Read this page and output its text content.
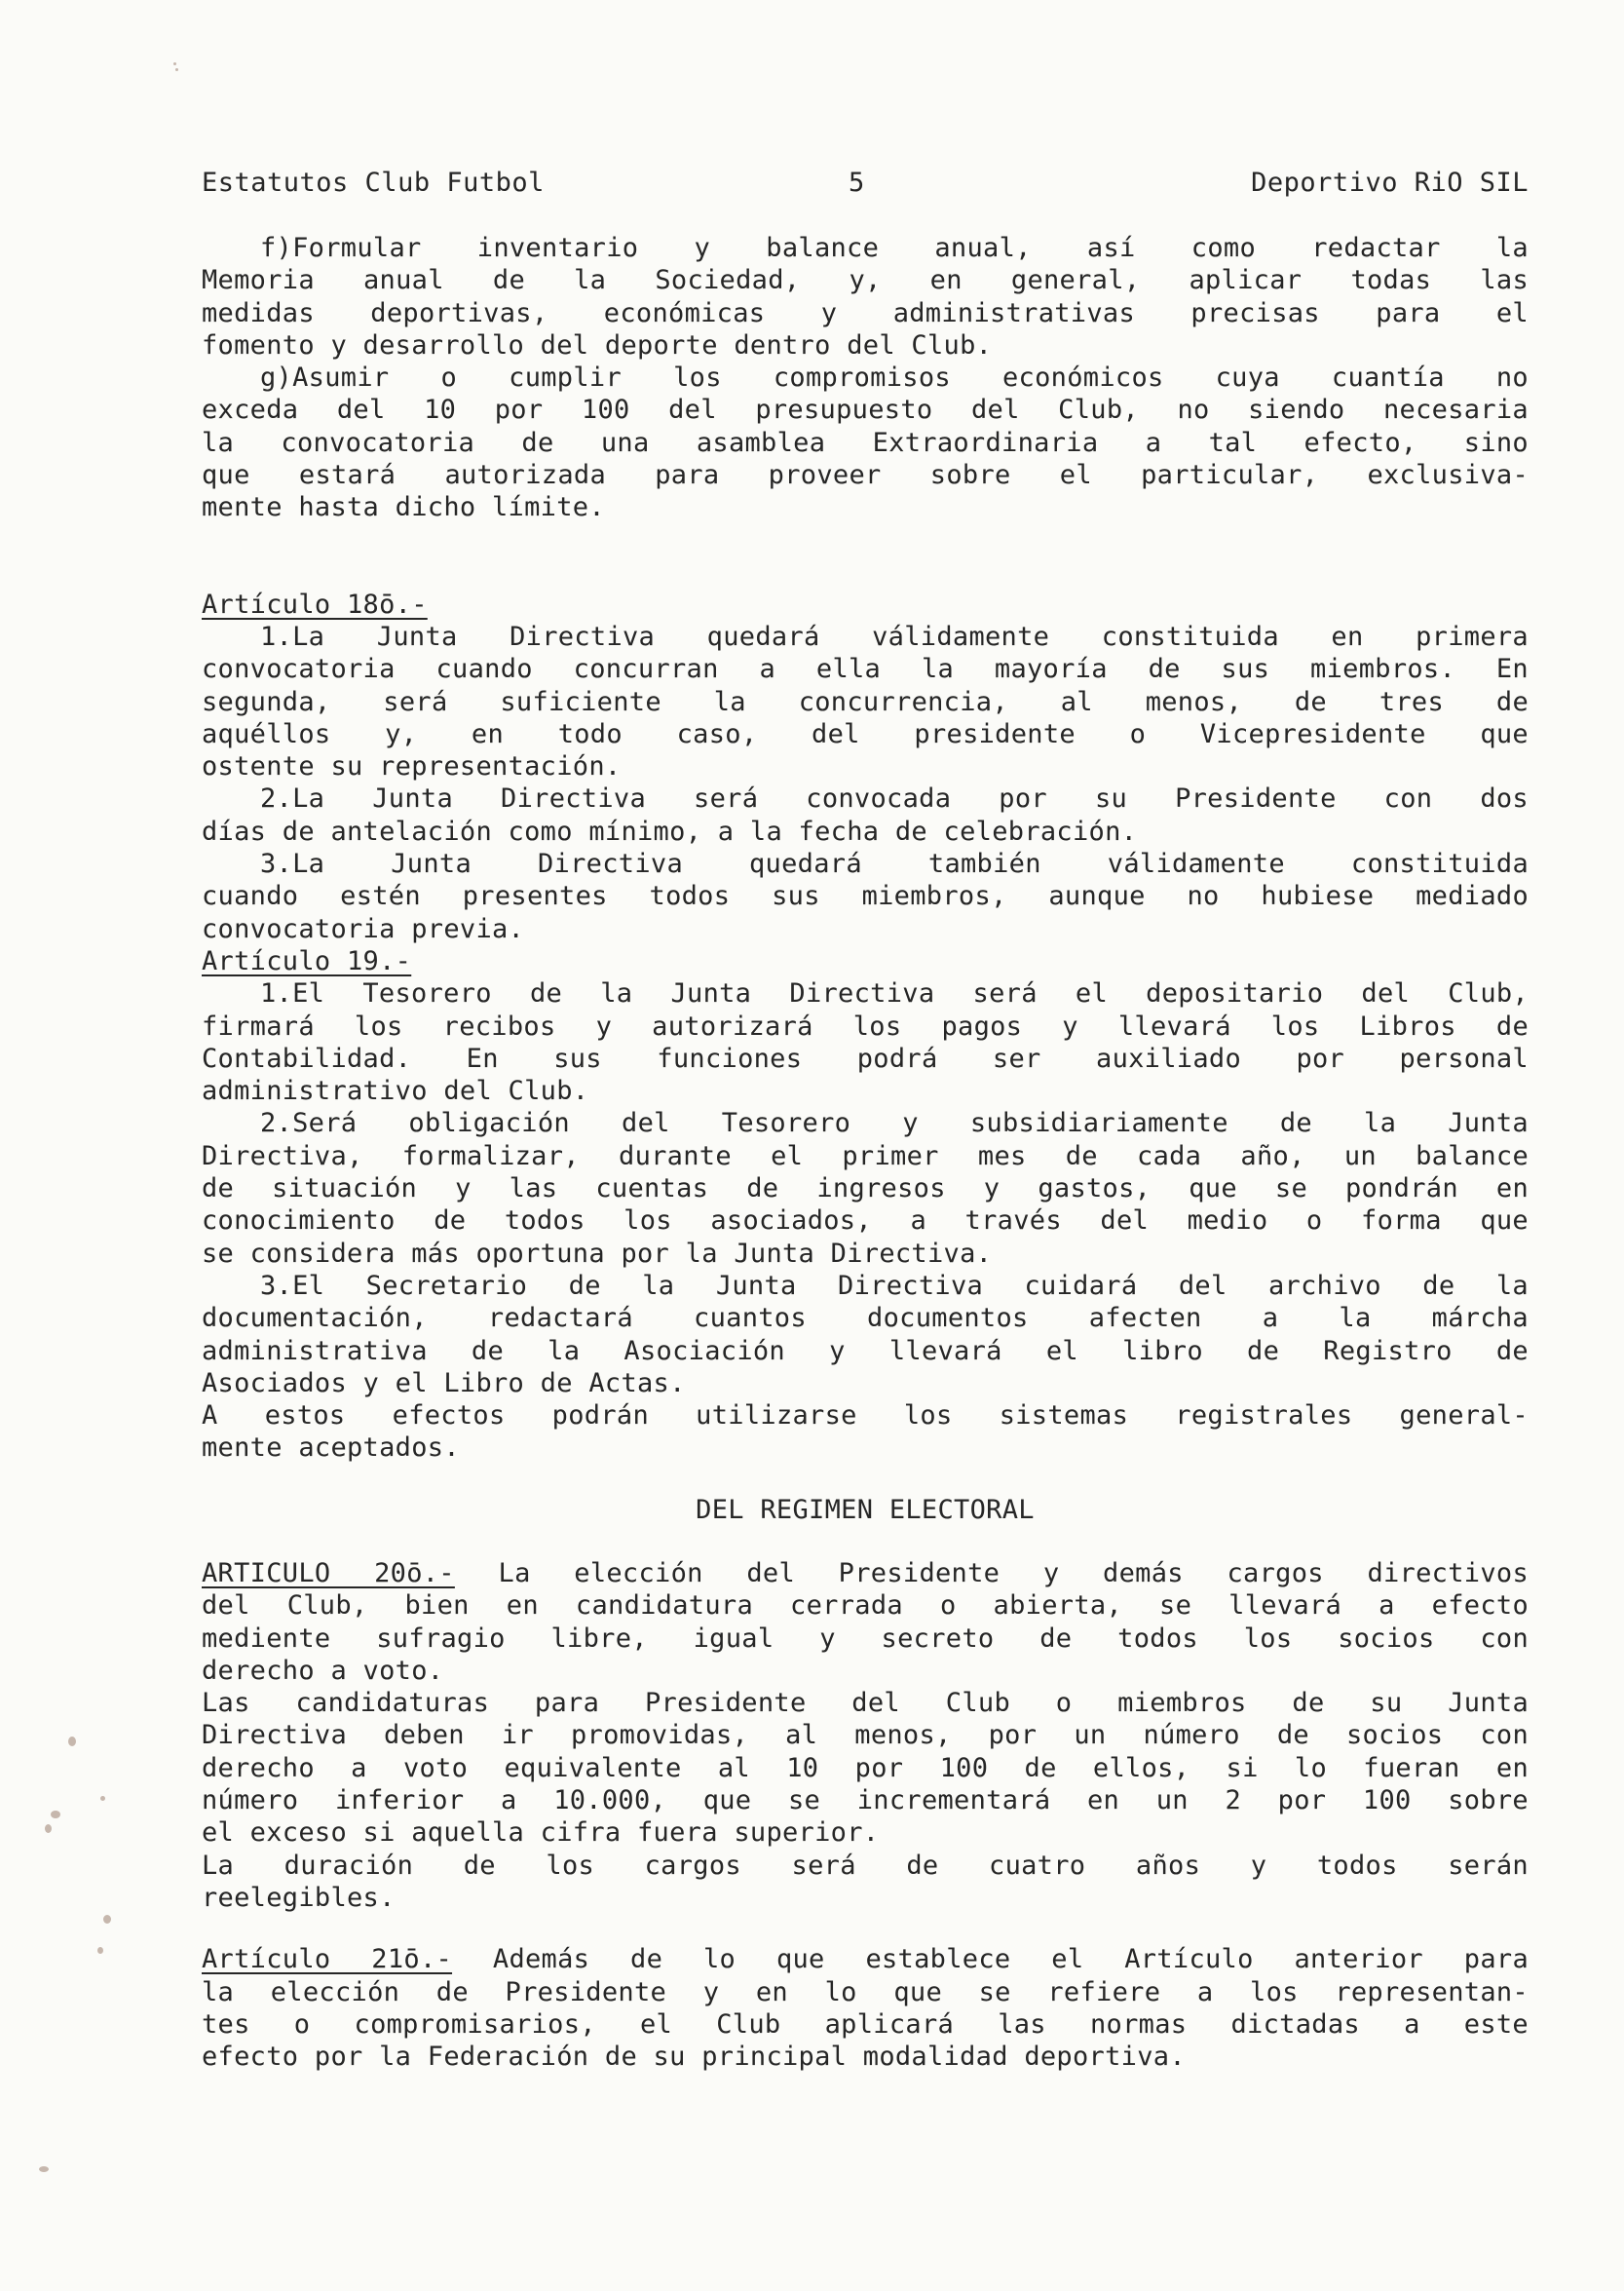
Estatutos Club Futbol	5	Deportivo RiO SIL
f)Formular inventario y balance anual, así como redactar la
Memoria anual de la Sociedad, y, en general, aplicar todas las
medidas deportivas, económicas y administrativas precisas para el
fomento y desarrollo del deporte dentro del Club.
g)Asumir o cumplir los compromisos económicos cuya cuantía no
exceda del 10 por 100 del presupuesto del Club, no siendo necesaria
la convocatoria de una asamblea Extraordinaria a tal efecto, sino
que estará autorizada para proveer sobre el particular, exclusiva-
mente hasta dicho límite.
Artículo 18ō.-
1.La Junta Directiva quedará válidamente constituida en primera
convocatoria cuando concurran a ella la mayoría de sus miembros. En
segunda, será suficiente la concurrencia, al menos, de tres de
aquéllos y, en todo caso, del presidente o Vicepresidente que
ostente su representación.
2.La Junta Directiva será convocada por su Presidente con dos
días de antelación como mínimo, a la fecha de celebración.
3.La Junta Directiva quedará también válidamente constituida
cuando estén presentes todos sus miembros, aunque no hubiese mediado
convocatoria previa.
Artículo 19.-
1.El Tesorero de la Junta Directiva será el depositario del Club,
firmará los recibos y autorizará los pagos y llevará los Libros de
Contabilidad. En sus funciones podrá ser auxiliado por personal
administrativo del Club.
2.Será obligación del Tesorero y subsidiariamente de la Junta
Directiva, formalizar, durante el primer mes de cada año, un balance
de situación y las cuentas de ingresos y gastos, que se pondrán en
conocimiento de todos los asociados, a través del medio o forma que
se considera más oportuna por la Junta Directiva.
3.El Secretario de la Junta Directiva cuidará del archivo de la
documentación, redactará cuantos documentos afecten a la márcha
administrativa de la Asociación y llevará el libro de Registro de
Asociados y el Libro de Actas.
A estos efectos podrán utilizarse los sistemas registrales general-
mente aceptados.
DEL REGIMEN ELECTORAL
ARTICULO 20ō.- La elección del Presidente y demás cargos directivos
del Club, bien en candidatura cerrada o abierta, se llevará a efecto
mediente sufragio libre, igual y secreto de todos los socios con
derecho a voto.
Las candidaturas para Presidente del Club o miembros de su Junta
Directiva deben ir promovidas, al menos, por un número de socios con
derecho a voto equivalente al 10 por 100 de ellos, si lo fueran en
número inferior a 10.000, que se incrementará en un 2 por 100 sobre
el exceso si aquella cifra fuera superior.
La duración de los cargos será de cuatro años y todos serán
reelegibles.
Artículo 21ō.- Además de lo que establece el Artículo anterior para
la elección de Presidente y en lo que se refiere a los representan-
tes o compromisarios, el Club aplicará las normas dictadas a este
efecto por la Federación de su principal modalidad deportiva.
